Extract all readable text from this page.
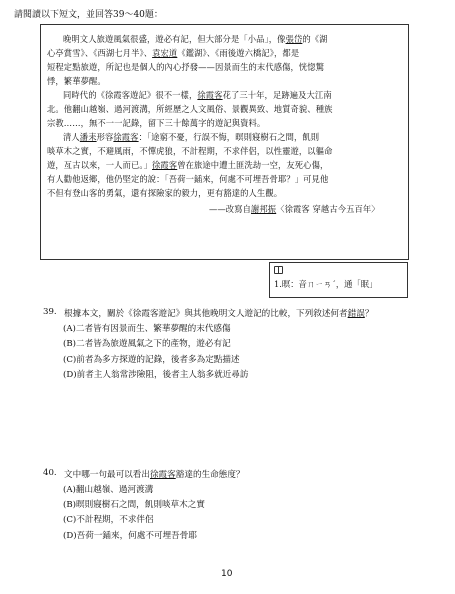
請閱讀以下短文，並回答39～40題：
晚明文人旅遊風氣很盛，遊必有記，但大部分是「小品」，像張岱的《湖
心亭賞雪》、《西湖七月半》、袁宏道《鑑湖》、《雨後遊六橋記》，都是
短程定點旅遊，所記也是個人的內心抒發——因景而生的末代感傷，恍惚驚
悸，繁華夢醒。
同時代的《徐霞客遊記》很不一樣，徐霞客花了三十年，足跡遍及大江南
北。他翻山越嶺、過河渡溝，所經歷之人文風俗、景觀異致、地質奇貌、種族
宗教……，無不一一記錄，留下三十餘萬字的遊記與資料。
清人潘耒形容徐霞客：「途窮不憂，行誤不悔，暝則寢樹石之間，飢則
啖草木之實，不避風雨，不憚虎狼，不計程期，不求伴侶，以性靈遊，以軀命
遊，亙古以來，一人而已。」徐霞客曾在旅途中遭土匪洗劫一空，友死心傷，
有人勸他返鄉，他仍堅定的說：「吾荷一鍤來，何處不可埋吾骨耶？」可見他
不但有登山客的勇氣，還有探險家的毅力，更有豁達的人生觀。
——改寫自謝邦振〈徐霞客 穿越古今五百年〉
1.暝：音ㄇㄧㄢˊ，通「眠」
39. 根據本文，關於《徐霞客遊記》與其他晚明文人遊記的比較，下列敘述何者錯誤？
(A)二者皆有因景而生、繁華夢醒的末代感傷
(B)二者皆為旅遊風氣之下的產物，遊必有記
(C)前者為多方探遊的記錄，後者多為定點描述
(D)前者主人翁常涉險阻，後者主人翁多就近尋訪
40. 文中哪一句最可以看出徐霞客豁達的生命態度？
(A)翻山越嶺、過河渡溝
(B)暝則寢樹石之間，飢則啖草木之實
(C)不計程期，不求伴侶
(D)吾荷一鍤來，何處不可埋吾骨耶
10
